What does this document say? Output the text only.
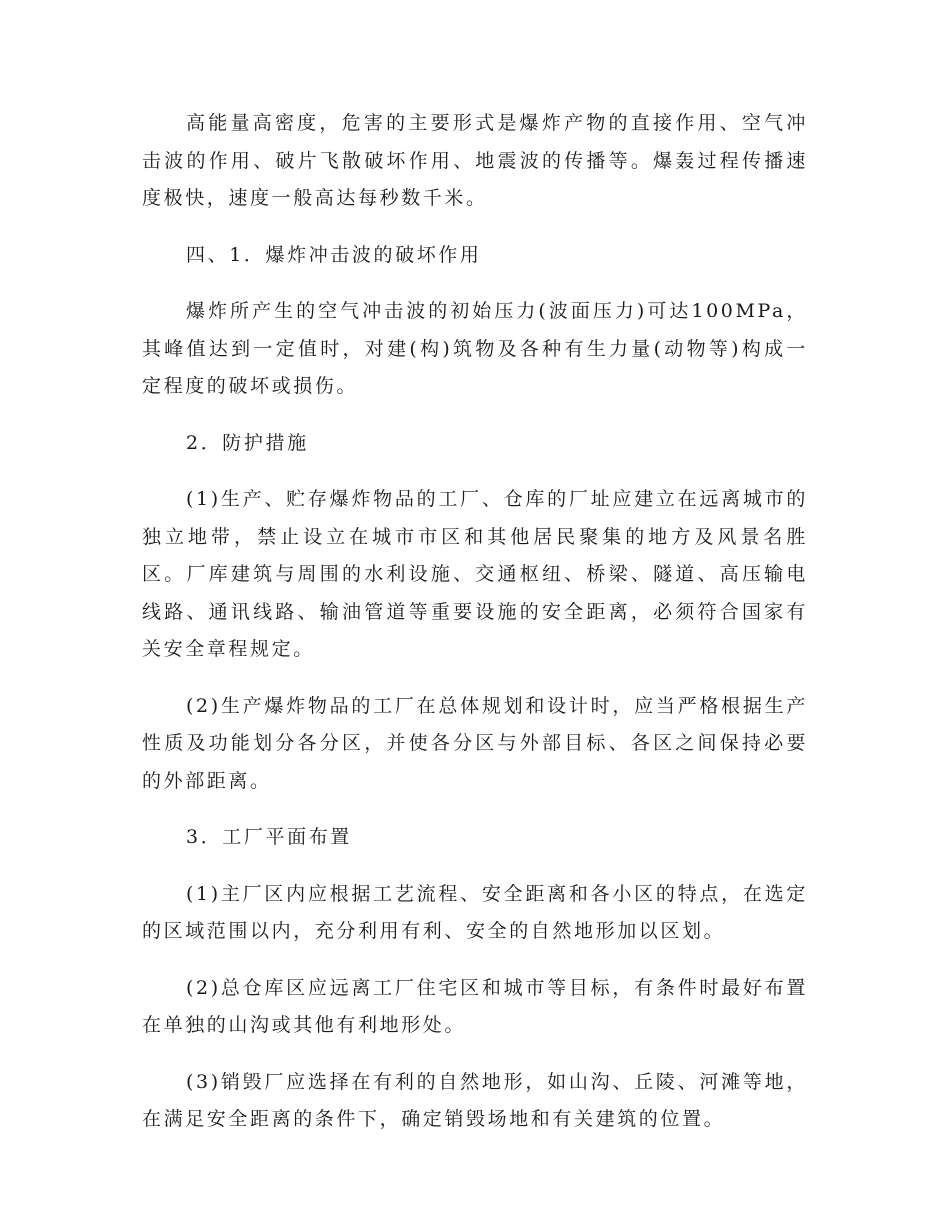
高能量高密度，危害的主要形式是爆炸产物的直接作用、空气冲击波的作用、破片飞散破坏作用、地震波的传播等。爆轰过程传播速度极快，速度一般高达每秒数千米。

四、1．爆炸冲击波的破坏作用

爆炸所产生的空气冲击波的初始压力(波面压力)可达100MPa，其峰值达到一定值时，对建(构)筑物及各种有生力量(动物等)构成一定程度的破坏或损伤。

2．防护措施

(1)生产、贮存爆炸物品的工厂、仓库的厂址应建立在远离城市的独立地带，禁止设立在城市市区和其他居民聚集的地方及风景名胜区。厂库建筑与周围的水利设施、交通枢纽、桥梁、隧道、高压输电线路、通讯线路、输油管道等重要设施的安全距离，必须符合国家有关安全章程规定。

(2)生产爆炸物品的工厂在总体规划和设计时，应当严格根据生产性质及功能划分各分区，并使各分区与外部目标、各区之间保持必要的外部距离。

3．工厂平面布置

(1)主厂区内应根据工艺流程、安全距离和各小区的特点，在选定的区域范围以内，充分利用有利、安全的自然地形加以区划。

(2)总仓库区应远离工厂住宅区和城市等目标，有条件时最好布置在单独的山沟或其他有利地形处。

(3)销毁厂应选择在有利的自然地形，如山沟、丘陵、河滩等地，在满足安全距离的条件下，确定销毁场地和有关建筑的位置。
